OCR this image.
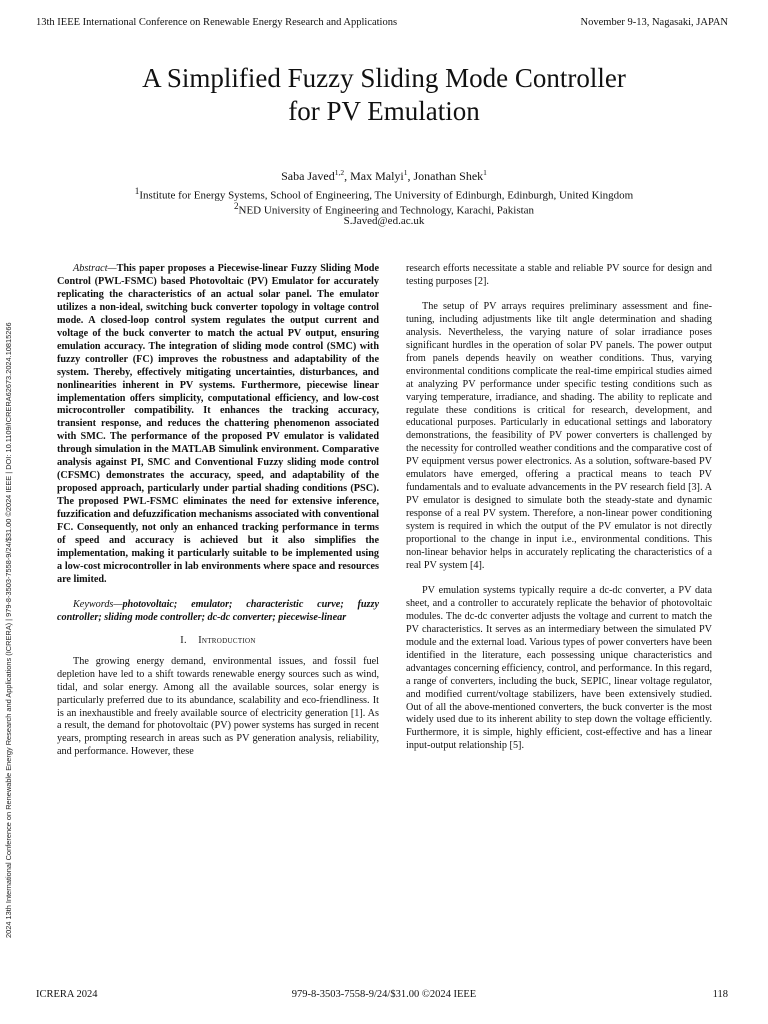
13th IEEE International Conference on Renewable Energy Research and Applications	November 9-13, Nagasaki, JAPAN
A Simplified Fuzzy Sliding Mode Controller
for PV Emulation
Saba Javed$^{1,2}$, Max Malyi$^1$, Jonathan Shek$^1$
$^1$Institute for Energy Systems, School of Engineering, The University of Edinburgh, Edinburgh, United Kingdom
$^2$NED University of Engineering and Technology, Karachi, Pakistan
S.Javed@ed.ac.uk
2024 13th International Conference on Renewable Energy Research and Applications (ICRERA) | 979-8-3503-7558-9/24/$31.00 ©2024 IEEE | DOI: 10.1109/ICRERA62673.2024.10815266

Abstract—This paper proposes a Piecewise-linear Fuzzy Sliding Mode Control (PWL-FSMC) based Photovoltaic (PV) Emulator for accurately replicating the characteristics of an actual solar panel. The emulator utilizes a non-ideal, switching buck converter topology in voltage control mode. A closed-loop control system regulates the output current and voltage of the buck converter to match the actual PV output, ensuring emulation accuracy. The integration of sliding mode control (SMC) with fuzzy controller (FC) improves the robustness and adaptability of the system. Thereby, effectively mitigating uncertainties, disturbances, and nonlinearities inherent in PV systems. Furthermore, piecewise linear implementation offers simplicity, computational efficiency, and low-cost microcontroller compatibility. It enhances the tracking accuracy, transient response, and reduces the chattering phenomenon associated with SMC. The performance of the proposed PV emulator is validated through simulation in the MATLAB Simulink environment. Comparative analysis against PI, SMC and Conventional Fuzzy sliding mode control (CFSMC) demonstrates the accuracy, speed, and adaptability of the proposed approach, particularly under partial shading conditions (PSC). The proposed PWL-FSMC eliminates the need for extensive inference, fuzzification and defuzzification mechanisms associated with conventional FC. Consequently, not only an enhanced tracking performance in terms of speed and accuracy is achieved but it also simplifies the implementation, making it particularly suitable to be implemented using a low-cost microcontroller in lab environments where space and resources are limited.

Keywords—photovoltaic; emulator; characteristic curve; fuzzy controller; sliding mode controller; dc-dc converter; piecewise-linear

I. Introduction

The growing energy demand, environmental issues, and fossil fuel depletion have led to a shift towards renewable energy sources such as wind, tidal, and solar energy. Among all the available sources, solar energy is particularly preferred due to its abundance, scalability and eco-friendliness. It is an inexhaustible and freely available source of electricity generation [1]. As a result, the demand for photovoltaic (PV) power systems has surged in recent years, prompting research in areas such as PV generation analysis, reliability, and performance. However, these

research efforts necessitate a stable and reliable PV source for design and testing purposes [2].

The setup of PV arrays requires preliminary assessment and fine-tuning, including adjustments like tilt angle determination and shading analysis. Nevertheless, the varying nature of solar irradiance poses significant hurdles in the operation of solar PV panels. The power output from panels depends heavily on weather conditions. Thus, varying environmental conditions complicate the real-time empirical studies aimed at analyzing PV performance under specific testing conditions such as varying temperature, irradiance, and shading. The ability to replicate and regulate these conditions is critical for research, development, and educational purposes. Particularly in educational settings and laboratory demonstrations, the feasibility of PV power converters is challenged by the necessity for controlled weather conditions and the comparative cost of PV equipment versus power electronics. As a solution, software-based PV emulators have emerged, offering a practical means to teach PV fundamentals and to evaluate advancements in the PV research field [3]. A PV emulator is designed to simulate both the steady-state and dynamic response of a real PV system. Therefore, a non-linear power conditioning system is required in which the output of the PV emulator is not directly proportional to the change in input i.e., environmental conditions. This non-linear behavior helps in accurately replicating the characteristics of a real PV system [4].

PV emulation systems typically require a dc-dc converter, a PV data sheet, and a controller to accurately replicate the behavior of photovoltaic modules. The dc-dc converter adjusts the voltage and current to match the PV characteristics. It serves as an intermediary between the simulated PV module and the external load. Various types of power converters have been identified in the literature, each possessing unique characteristics and advantages concerning efficiency, control, and performance. In this regard, a range of converters, including the buck, SEPIC, linear voltage regulator, and modified current/voltage stabilizers, have been extensively studied. Out of all the above-mentioned converters, the buck converter is the most widely used due to its inherent ability to step down the voltage efficiently. Furthermore, it is simple, highly efficient, cost-effective and has a linear input-output relationship [5].

ICRERA 2024	979-8-3503-7558-9/24/$31.00 ©2024 IEEE	118
